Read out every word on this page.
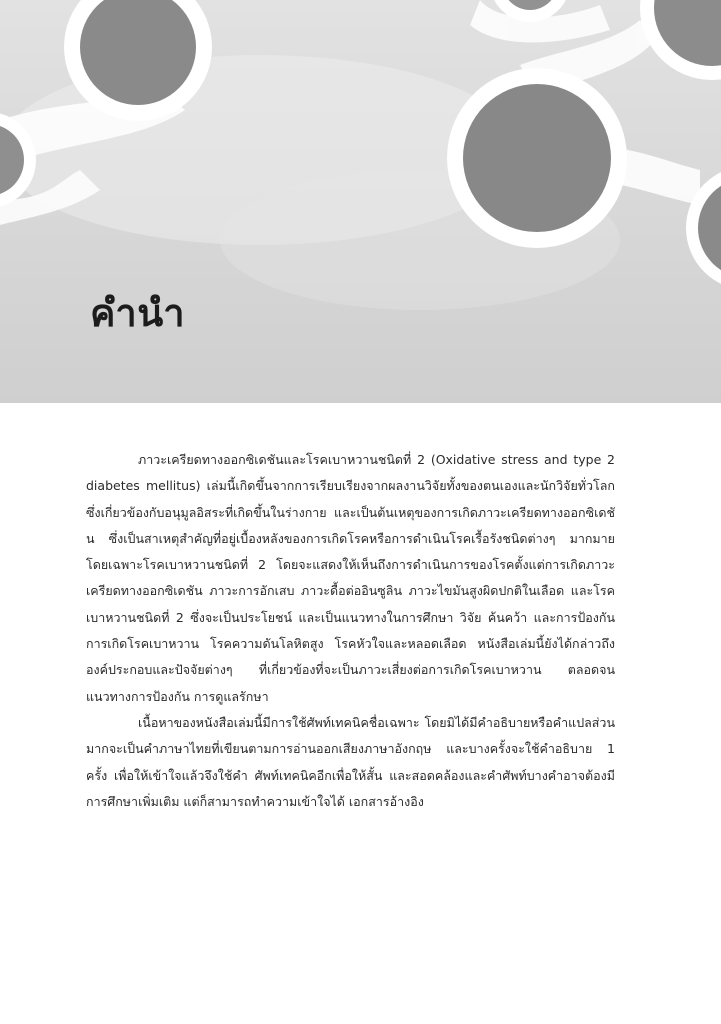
คำนำ

ภาวะเครียดทางออกซิเดชันและโรคเบาหวานชนิดที่ 2 (Oxidative stress and type 2 diabetes mellitus) เล่มนี้เกิดขึ้นจากการเรียบเรียงจากผลงานวิจัยทั้งของตนเองและนักวิจัยทั่วโลก ซึ่งเกี่ยวข้องกับอนุมูลอิสระที่เกิดขึ้นในร่างกาย และเป็นต้นเหตุของการเกิดภาวะเครียดทางออกซิเดชัน ซึ่งเป็นสาเหตุสำคัญที่อยู่เบื้องหลังของการเกิดโรคหรือการดำเนินโรคเรื้อรังชนิดต่างๆ มากมาย โดยเฉพาะโรคเบาหวานชนิดที่ 2 โดยจะแสดงให้เห็นถึงการดำเนินการของโรคตั้งแต่การเกิดภาวะเครียดทางออกซิเดชัน ภาวะการอักเสบ ภาวะดื้อต่ออินซูลิน ภาวะไขมันสูงผิดปกติในเลือด และโรคเบาหวานชนิดที่ 2 ซึ่งจะเป็นประโยชน์ และเป็นแนวทางในการศึกษา วิจัย ค้นคว้า และการป้องกันการเกิดโรคเบาหวาน โรคความดันโลหิตสูง โรคหัวใจและหลอดเลือด หนังสือเล่มนี้ยังได้กล่าวถึง องค์ประกอบและปัจจัยต่างๆ ที่เกี่ยวข้องที่จะเป็นภาวะเสี่ยงต่อการเกิดโรคเบาหวาน ตลอดจนแนวทางการป้องกัน การดูแลรักษา

เนื้อหาของหนังสือเล่มนี้มีการใช้ศัพท์เทคนิคชื่อเฉพาะ โดยมิได้มีคำอธิบายหรือคำแปลส่วนมากจะเป็นคำภาษาไทยที่เขียนตามการอ่านออกเสียงภาษาอังกฤษ และบางครั้งจะใช้คำอธิบาย 1 ครั้ง เพื่อให้เข้าใจแล้วจึงใช้คำ ศัพท์เทคนิคอีกเพื่อให้สั้น และสอดคล้องและคำศัพท์บางคำอาจต้องมีการศึกษาเพิ่มเติม แต่ก็สามารถทำความเข้าใจได้ เอกสารอ้างอิง
